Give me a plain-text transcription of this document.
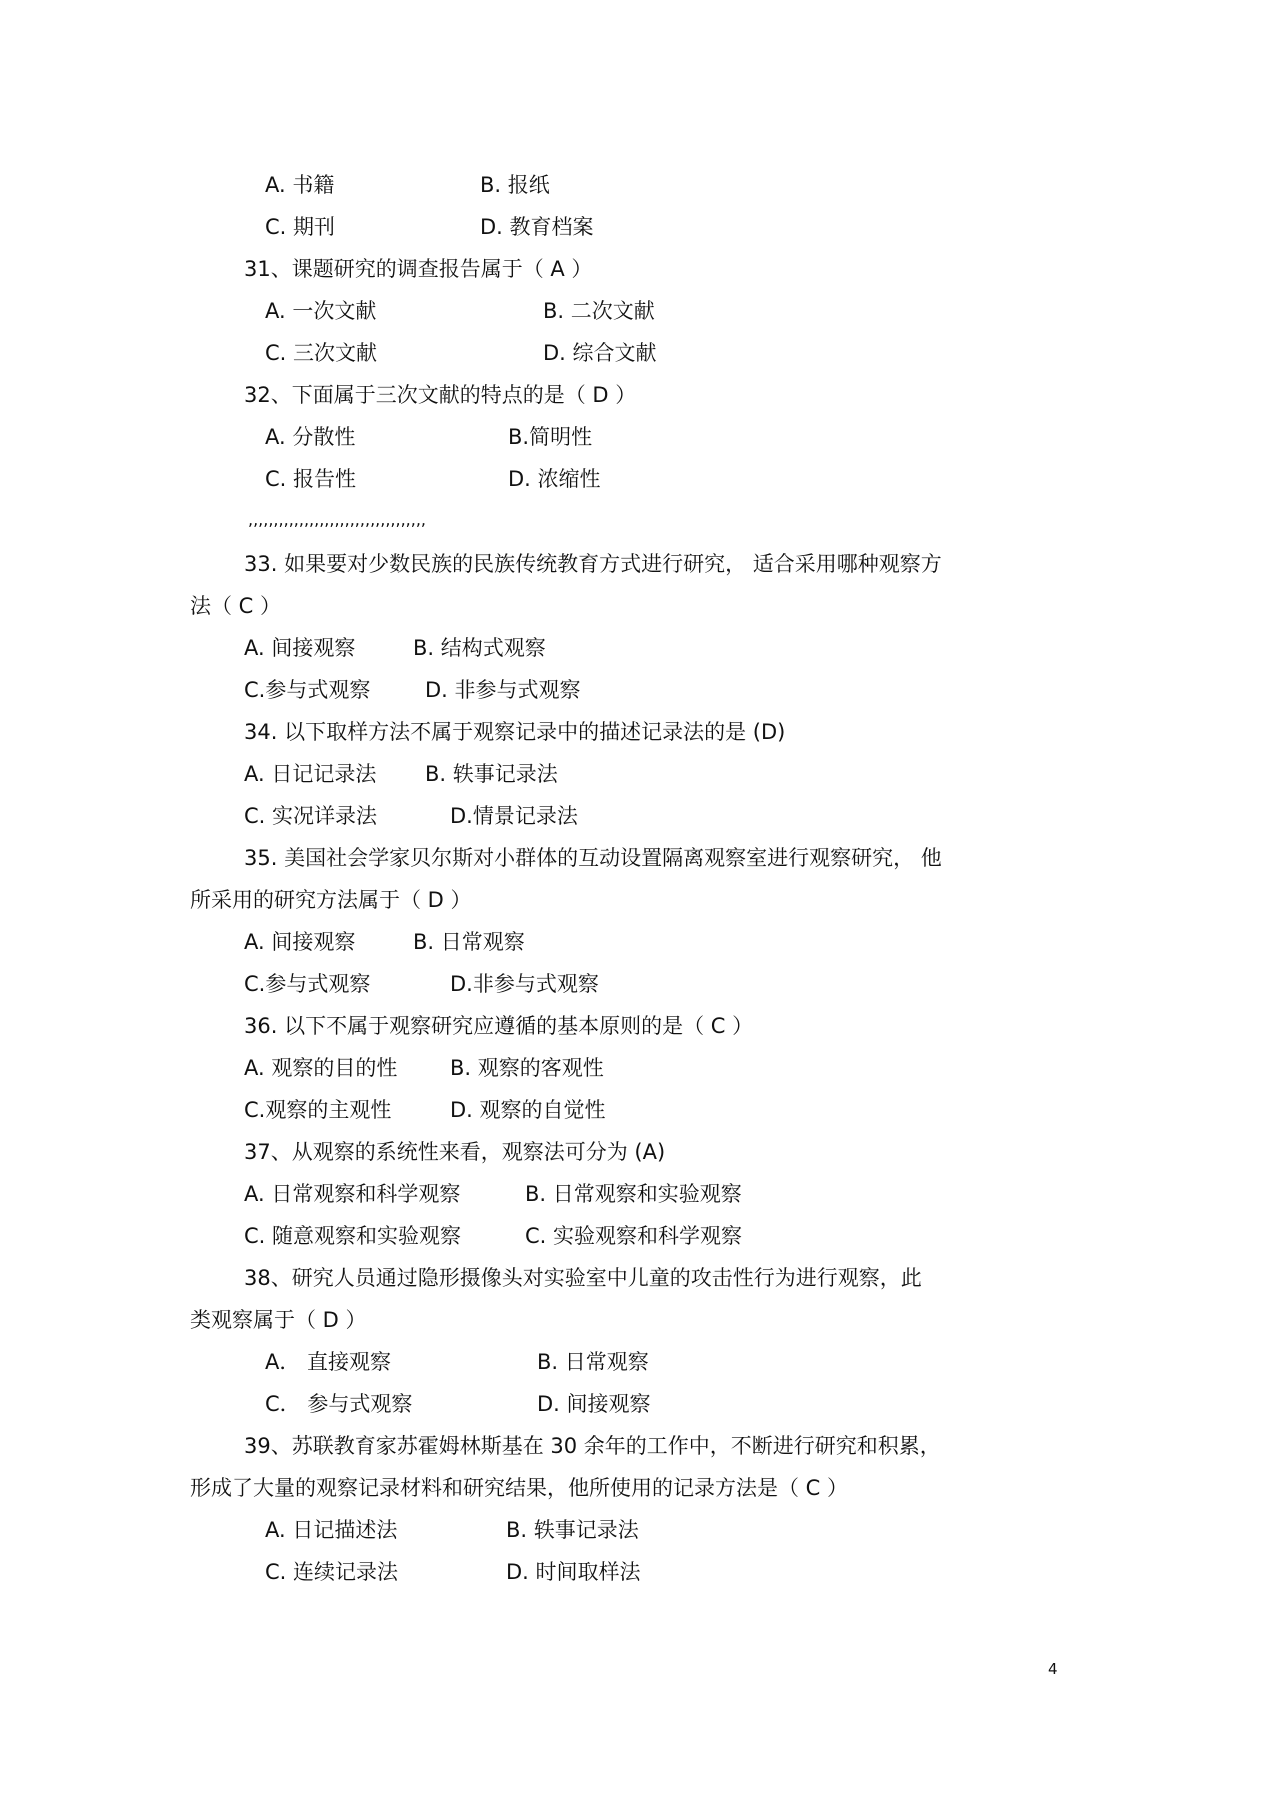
A. 书籍	B. 报纸
C. 期刊	D. 教育档案
31、课题研究的调查报告属于（ A ）
A. 一次文献	B. 二次文献
C. 三次文献	D. 综合文献
32、下面属于三次文献的特点的是（ D ）
A. 分散性	B.简明性
C. 报告性	D. 浓缩性
,,,,,,,,,,,,,,,,,,,,,,,,,,,,,,,,,,,
33. 如果要对少数民族的民族传统教育方式进行研究， 适合采用哪种观察方
法（ C ）
A. 间接观察	B. 结构式观察
C.参与式观察	D. 非参与式观察
34. 以下取样方法不属于观察记录中的描述记录法的是 (D)
A. 日记记录法 B. 轶事记录法
C. 实况详录法	D.情景记录法
35. 美国社会学家贝尔斯对小群体的互动设置隔离观察室进行观察研究， 他
所采用的研究方法属于（ D ）
A. 间接观察	B. 日常观察
C.参与式观察	D.非参与式观察
36. 以下不属于观察研究应遵循的基本原则的是（ C ）
A. 观察的目的性	B. 观察的客观性
C.观察的主观性	D. 观察的自觉性
37、从观察的系统性来看，观察法可分为 (A)
A. 日常观察和科学观察	B. 日常观察和实验观察
C. 随意观察和实验观察	C. 实验观察和科学观察
38、研究人员通过隐形摄像头对实验室中儿童的攻击性行为进行观察，此
类观察属于（ D ）
A． 直接观察	B. 日常观察
C． 参与式观察	D. 间接观察
39、苏联教育家苏霍姆林斯基在 30 余年的工作中，不断进行研究和积累，
形成了大量的观察记录材料和研究结果，他所使用的记录方法是（ C ）
A. 日记描述法	B. 轶事记录法
C. 连续记录法	D. 时间取样法
4
